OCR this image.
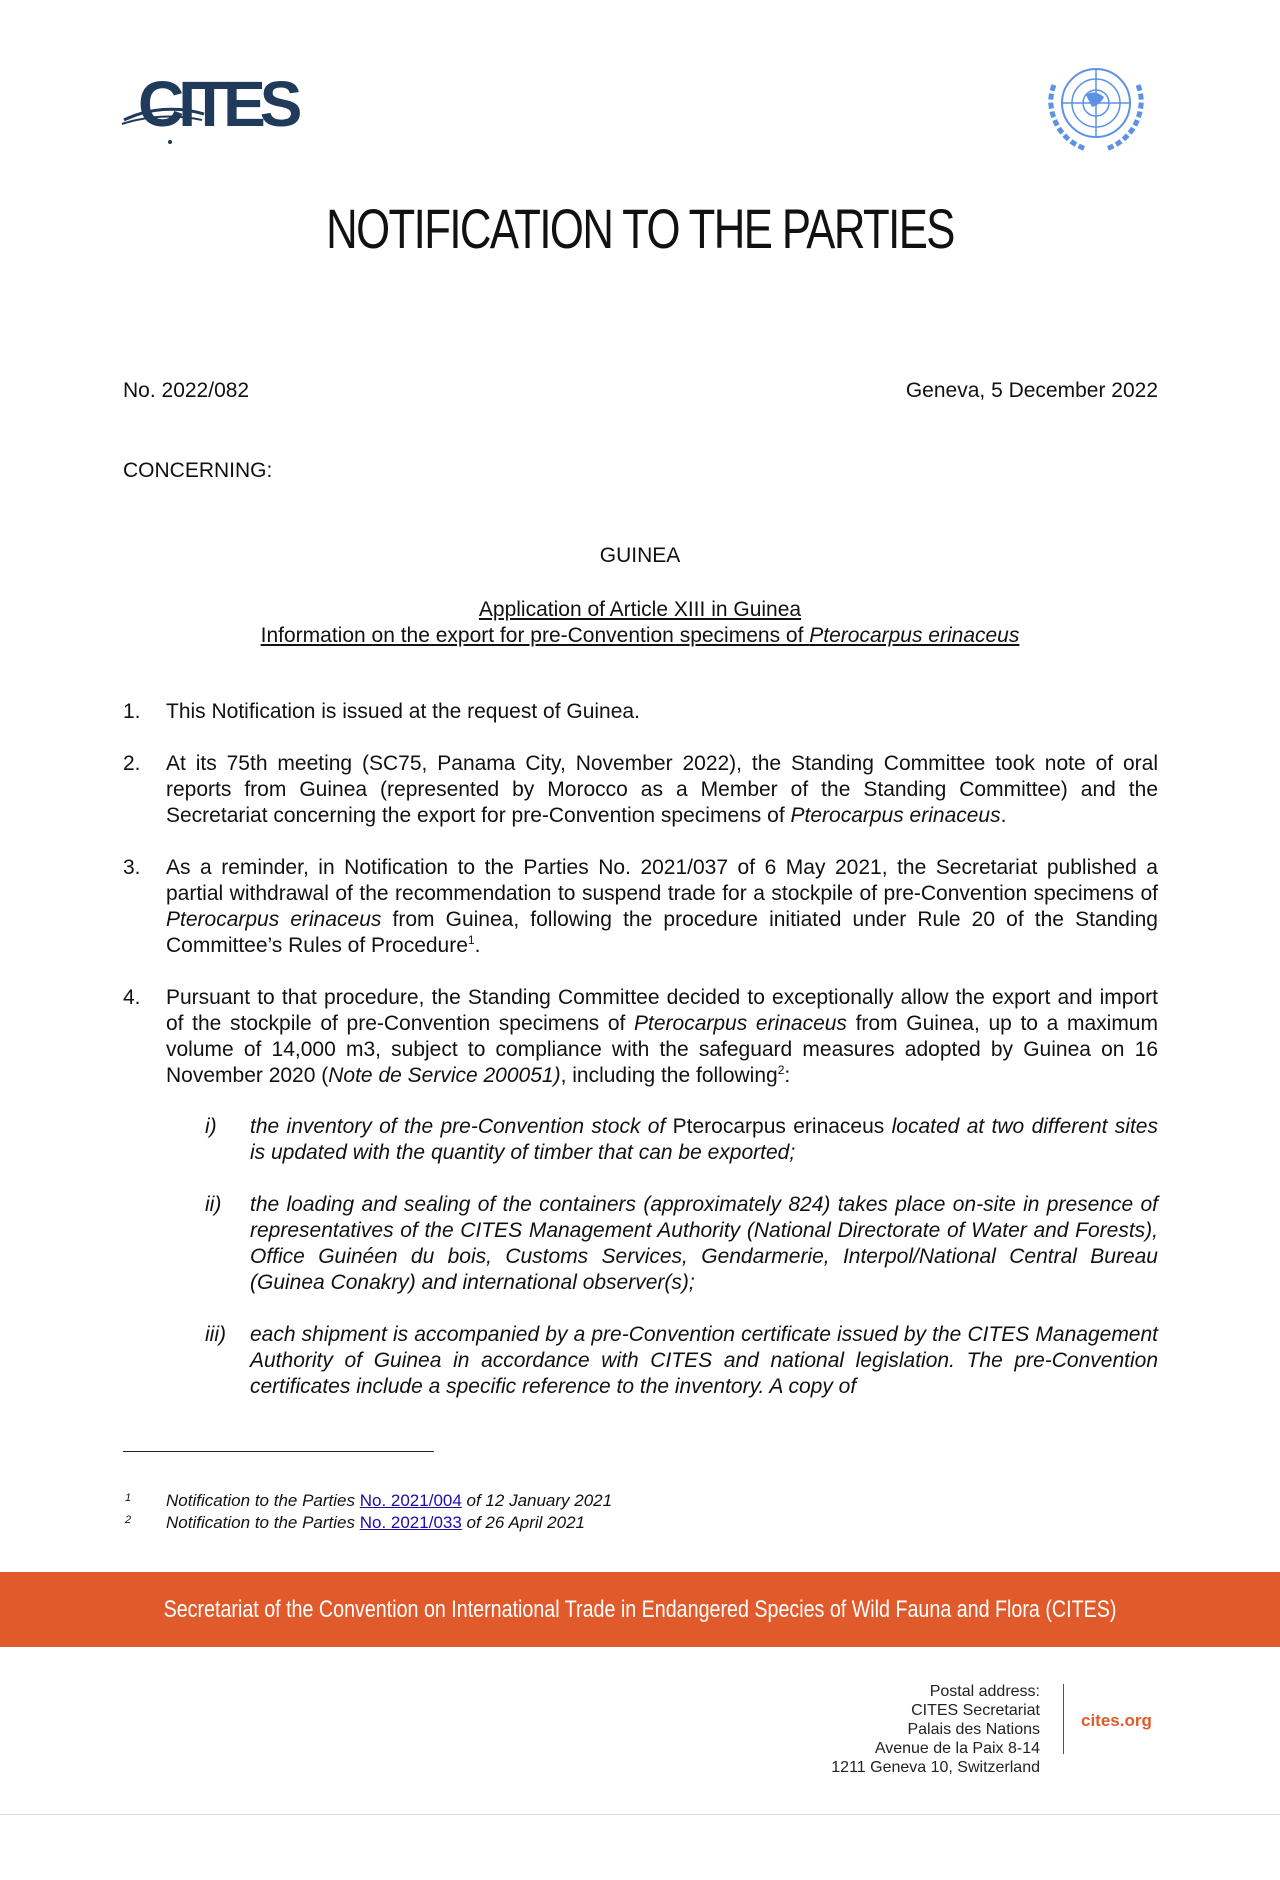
CITES
NOTIFICATION TO THE PARTIES
No. 2022/082	Geneva, 5 December 2022
CONCERNING:
GUINEA
Application of Article XIII in Guinea
Information on the export for pre-Convention specimens of Pterocarpus erinaceus
1. This Notification is issued at the request of Guinea.
2. At its 75th meeting (SC75, Panama City, November 2022), the Standing Committee took note of oral reports from Guinea (represented by Morocco as a Member of the Standing Committee) and the Secretariat concerning the export for pre-Convention specimens of Pterocarpus erinaceus.
3. As a reminder, in Notification to the Parties No. 2021/037 of 6 May 2021, the Secretariat published a partial withdrawal of the recommendation to suspend trade for a stockpile of pre-Convention specimens of Pterocarpus erinaceus from Guinea, following the procedure initiated under Rule 20 of the Standing Committee’s Rules of Procedure$^1$.
4. Pursuant to that procedure, the Standing Committee decided to exceptionally allow the export and import of the stockpile of pre-Convention specimens of Pterocarpus erinaceus from Guinea, up to a maximum volume of 14,000 m3, subject to compliance with the safeguard measures adopted by Guinea on 16 November 2020 (Note de Service 200051), including the following$^2$:
i) the inventory of the pre-Convention stock of Pterocarpus erinaceus located at two different sites is updated with the quantity of timber that can be exported;
ii) the loading and sealing of the containers (approximately 824) takes place on-site in presence of representatives of the CITES Management Authority (National Directorate of Water and Forests), Office Guinéen du bois, Customs Services, Gendarmerie, Interpol/National Central Bureau (Guinea Conakry) and international observer(s);
iii) each shipment is accompanied by a pre-Convention certificate issued by the CITES Management Authority of Guinea in accordance with CITES and national legislation. The pre-Convention certificates include a specific reference to the inventory. A copy of
1 Notification to the Parties No. 2021/004 of 12 January 2021
2 Notification to the Parties No. 2021/033 of 26 April 2021
Secretariat of the Convention on International Trade in Endangered Species of Wild Fauna and Flora (CITES)
Postal address:
CITES Secretariat
Palais des Nations
Avenue de la Paix 8-14
1211 Geneva 10, Switzerland
cites.org
